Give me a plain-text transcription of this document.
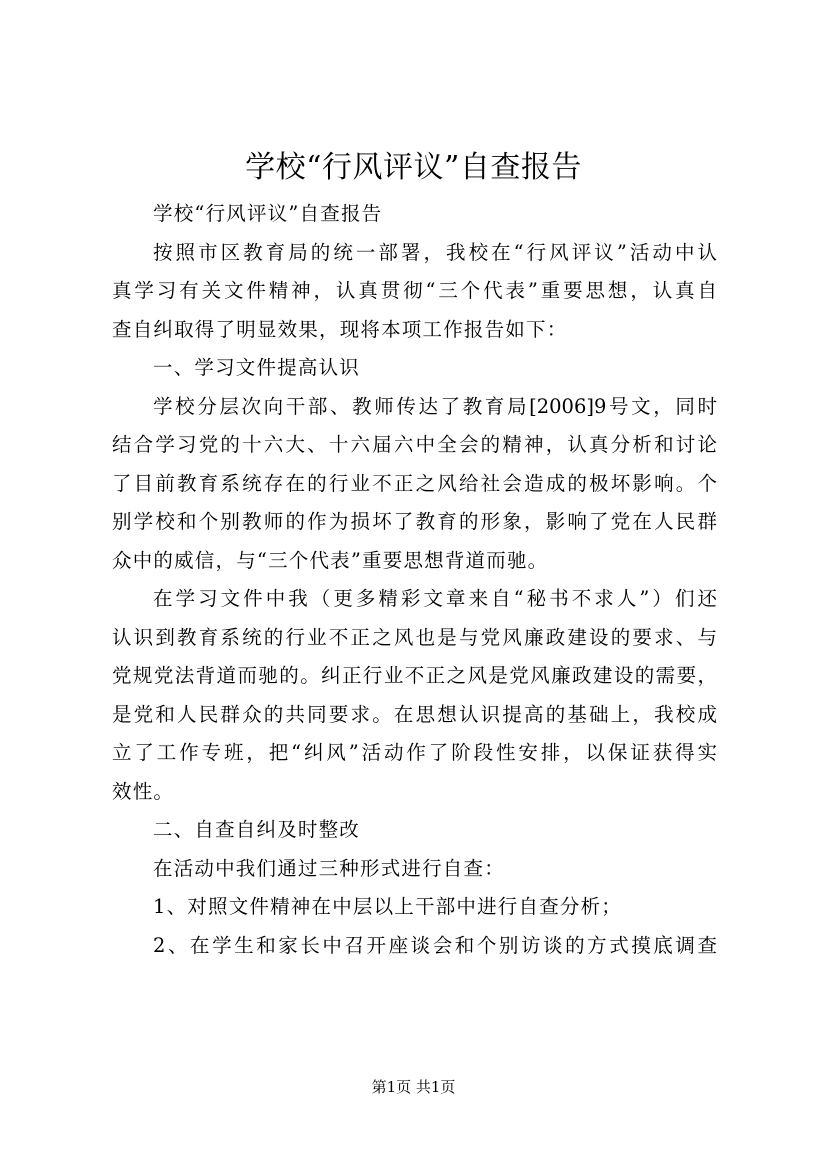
学校“行风评议”自查报告
学校“行风评议”自查报告
按照市区教育局的统一部署，我校在“行风评议”活动中认
真学习有关文件精神，认真贯彻“三个代表”重要思想，认真自
查自纠取得了明显效果，现将本项工作报告如下：
一、学习文件提高认识
学校分层次向干部、教师传达了教育局[2006]9号文，同时
结合学习党的十六大、十六届六中全会的精神，认真分析和讨论
了目前教育系统存在的行业不正之风给社会造成的极坏影响。个
别学校和个别教师的作为损坏了教育的形象，影响了党在人民群
众中的威信，与“三个代表”重要思想背道而驰。
在学习文件中我（更多精彩文章来自“秘书不求人”）们还
认识到教育系统的行业不正之风也是与党风廉政建设的要求、与
党规党法背道而驰的。纠正行业不正之风是党风廉政建设的需要，
是党和人民群众的共同要求。在思想认识提高的基础上，我校成
立了工作专班，把“纠风”活动作了阶段性安排，以保证获得实
效性。
二、自查自纠及时整改
在活动中我们通过三种形式进行自查：
1、对照文件精神在中层以上干部中进行自查分析；
2、在学生和家长中召开座谈会和个别访谈的方式摸底调查
第1页 共1页
